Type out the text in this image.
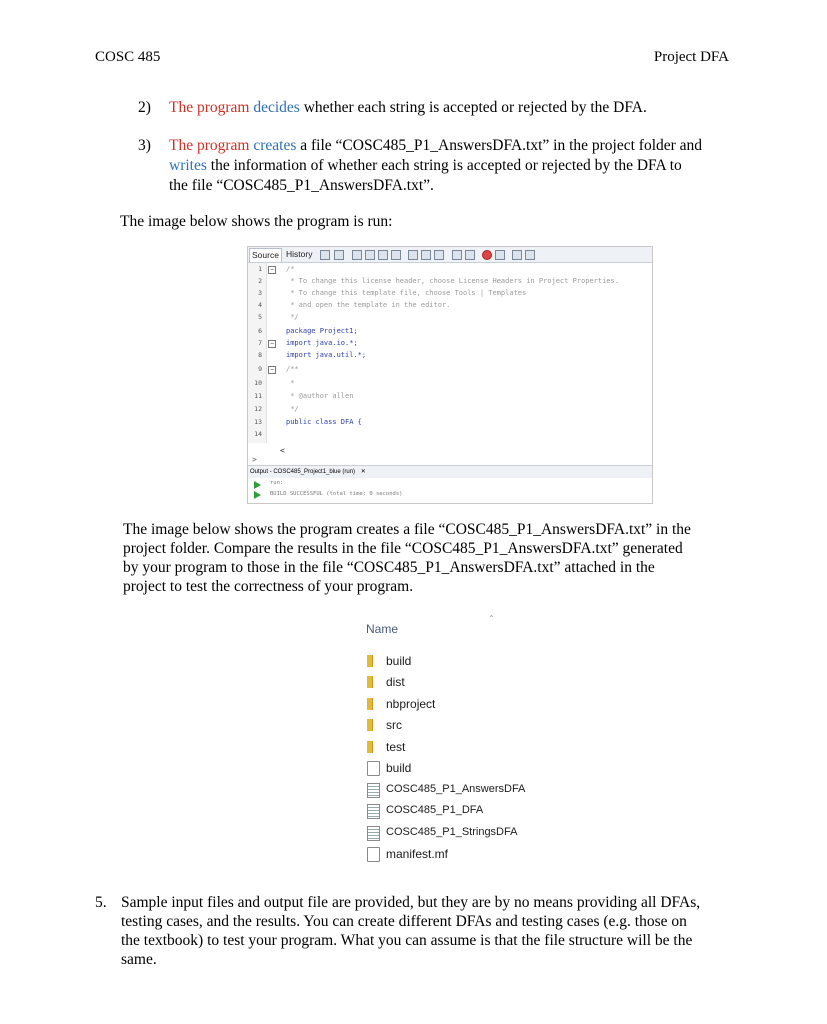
COSC 485	Project DFA
2) The program decides whether each string is accepted or rejected by the DFA.
3) The program creates a file “COSC485_P1_AnswersDFA.txt” in the project folder and
writes the information of whether each string is accepted or rejected by the DFA to
the file “COSC485_P1_AnswersDFA.txt”.
The image below shows the program is run:
Source History
1
2
3
4
5
6
7
8
9
10
11
12
13
14
−
−
−
/*
* To change this license header, choose License Headers in Project Properties.
* To change this template file, choose Tools | Templates
* and open the template in the editor.
*/
package Project1;
import java.io.*;
import java.util.*;
/**
*
* @author allen
*/
public class DFA {
<
>
Output - COSC485_Project1_blue (run) ✕
run:
BUILD SUCCESSFUL (total time: 0 seconds)
The image below shows the program creates a file “COSC485_P1_AnswersDFA.txt” in the
project folder. Compare the results in the file “COSC485_P1_AnswersDFA.txt” generated
by your program to those in the file “COSC485_P1_AnswersDFA.txt” attached in the
project to test the correctness of your program.
⌃
Name
build
dist
nbproject
src
test
build
COSC485_P1_AnswersDFA
COSC485_P1_DFA
COSC485_P1_StringsDFA
manifest.mf
5. Sample input files and output file are provided, but they are by no means providing all DFAs,
testing cases, and the results. You can create different DFAs and testing cases (e.g. those on
the textbook) to test your program. What you can assume is that the file structure will be the
same.
